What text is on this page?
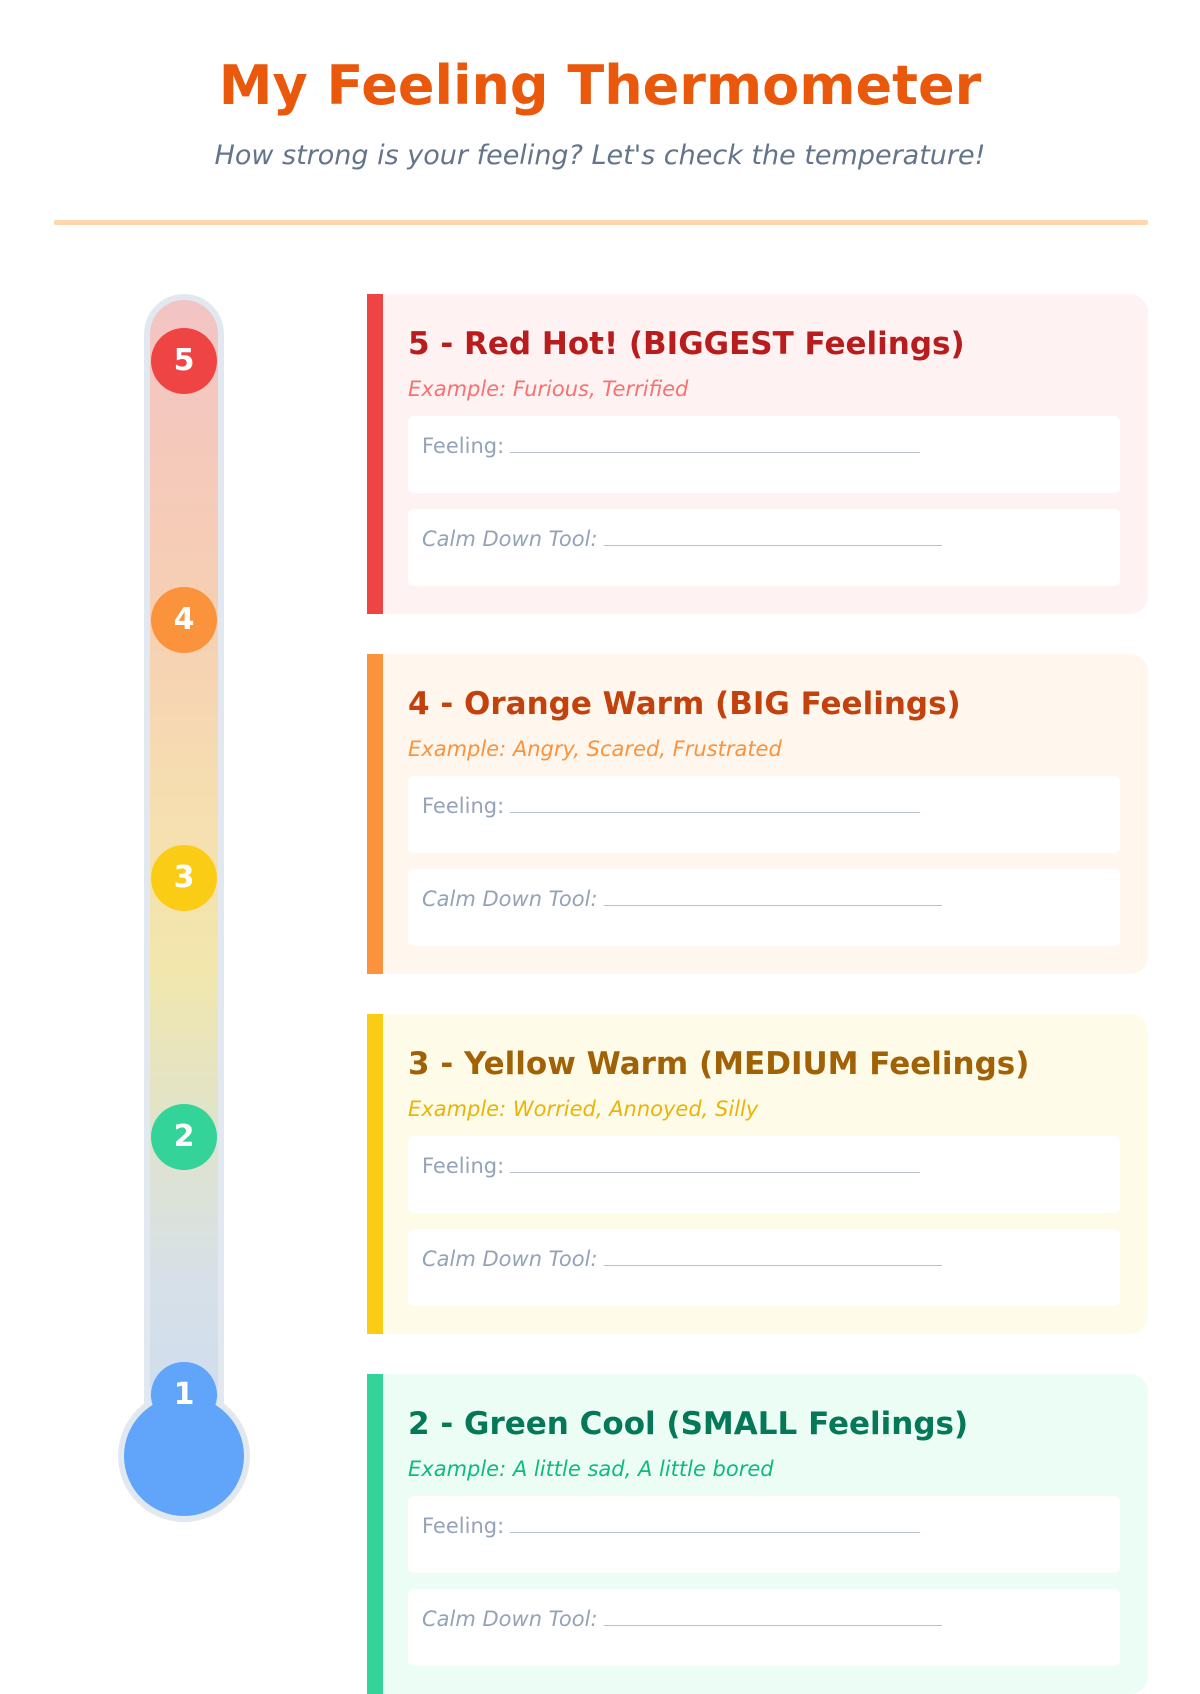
My Feeling Thermometer

How strong is your feeling? Let's check the temperature!

5
4
3
2
1
5 - Red Hot! (BIGGEST Feelings)

Example: Furious, Terrified

Feeling:
Calm Down Tool:
4 - Orange Warm (BIG Feelings)

Example: Angry, Scared, Frustrated

Feeling:
Calm Down Tool:
3 - Yellow Warm (MEDIUM Feelings)

Example: Worried, Annoyed, Silly

Feeling:
Calm Down Tool:
2 - Green Cool (SMALL Feelings)

Example: A little sad, A little bored

Feeling:
Calm Down Tool:
